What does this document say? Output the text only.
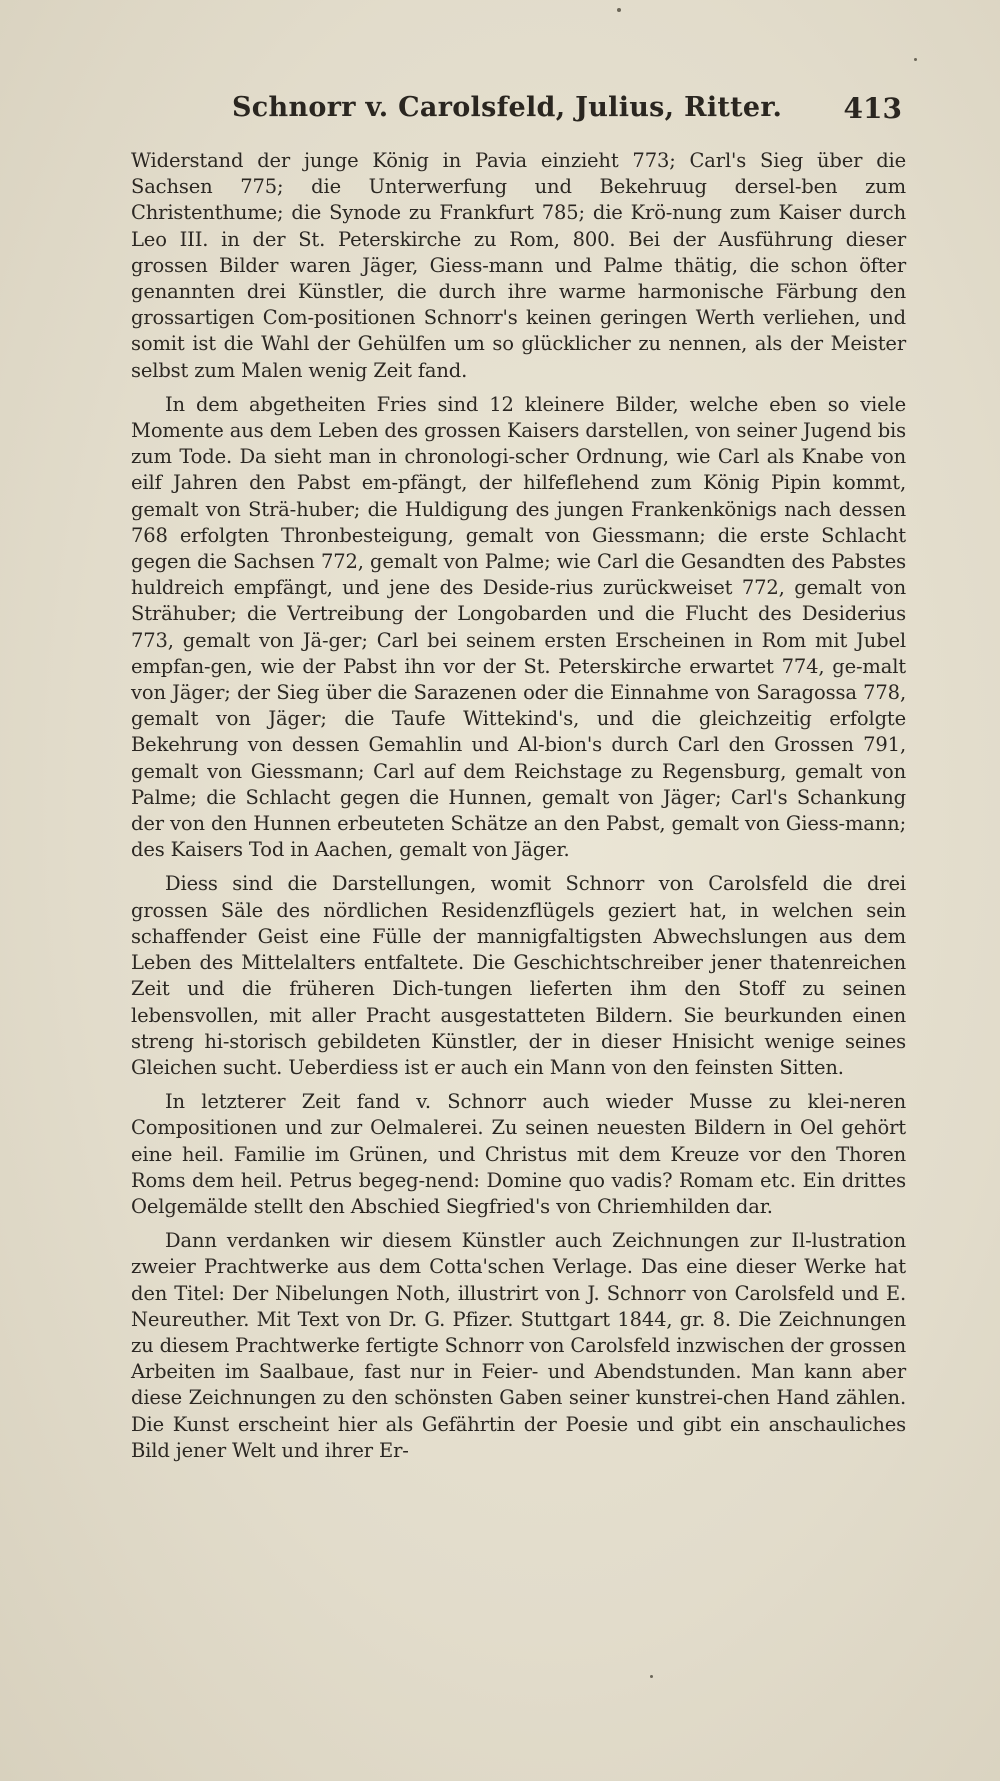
Schnorr v. Carolsfeld, Julius, Ritter. 413

Widerstand der junge König in Pavia einzieht 773; Carl's Sieg über die Sachsen 775; die Unterwerfung und Bekehruug dersel-ben zum Christenthume; die Synode zu Frankfurt 785; die Krö-nung zum Kaiser durch Leo III. in der St. Peterskirche zu Rom, 800. Bei der Ausführung dieser grossen Bilder waren Jäger, Giess-mann und Palme thätig, die schon öfter genannten drei Künstler, die durch ihre warme harmonische Färbung den grossartigen Com-positionen Schnorr's keinen geringen Werth verliehen, und somit ist die Wahl der Gehülfen um so glücklicher zu nennen, als der Meister selbst zum Malen wenig Zeit fand.

In dem abgetheiten Fries sind 12 kleinere Bilder, welche eben so viele Momente aus dem Leben des grossen Kaisers darstellen, von seiner Jugend bis zum Tode. Da sieht man in chronologi-scher Ordnung, wie Carl als Knabe von eilf Jahren den Pabst em-pfängt, der hilfeflehend zum König Pipin kommt, gemalt von Strä-huber; die Huldigung des jungen Frankenkönigs nach dessen 768 erfolgten Thronbesteigung, gemalt von Giessmann; die erste Schlacht gegen die Sachsen 772, gemalt von Palme; wie Carl die Gesandten des Pabstes huldreich empfängt, und jene des Deside-rius zurückweiset 772, gemalt von Strähuber; die Vertreibung der Longobarden und die Flucht des Desiderius 773, gemalt von Jä-ger; Carl bei seinem ersten Erscheinen in Rom mit Jubel empfan-gen, wie der Pabst ihn vor der St. Peterskirche erwartet 774, ge-malt von Jäger; der Sieg über die Sarazenen oder die Einnahme von Saragossa 778, gemalt von Jäger; die Taufe Wittekind's, und die gleichzeitig erfolgte Bekehrung von dessen Gemahlin und Al-bion's durch Carl den Grossen 791, gemalt von Giessmann; Carl auf dem Reichstage zu Regensburg, gemalt von Palme; die Schlacht gegen die Hunnen, gemalt von Jäger; Carl's Schankung der von den Hunnen erbeuteten Schätze an den Pabst, gemalt von Giess-mann; des Kaisers Tod in Aachen, gemalt von Jäger.

Diess sind die Darstellungen, womit Schnorr von Carolsfeld die drei grossen Säle des nördlichen Residenzflügels geziert hat, in welchen sein schaffender Geist eine Fülle der mannigfaltigsten Abwechslungen aus dem Leben des Mittelalters entfaltete. Die Geschichtschreiber jener thatenreichen Zeit und die früheren Dich-tungen lieferten ihm den Stoff zu seinen lebensvollen, mit aller Pracht ausgestatteten Bildern. Sie beurkunden einen streng hi-storisch gebildeten Künstler, der in dieser Hnisicht wenige seines Gleichen sucht. Ueberdiess ist er auch ein Mann von den feinsten Sitten.

In letzterer Zeit fand v. Schnorr auch wieder Musse zu klei-neren Compositionen und zur Oelmalerei. Zu seinen neuesten Bildern in Oel gehört eine heil. Familie im Grünen, und Christus mit dem Kreuze vor den Thoren Roms dem heil. Petrus begeg-nend: Domine quo vadis? Romam etc. Ein drittes Oelgemälde stellt den Abschied Siegfried's von Chriemhilden dar.

Dann verdanken wir diesem Künstler auch Zeichnungen zur Il-lustration zweier Prachtwerke aus dem Cotta'schen Verlage. Das eine dieser Werke hat den Titel: Der Nibelungen Noth, illustrirt von J. Schnorr von Carolsfeld und E. Neureuther. Mit Text von Dr. G. Pfizer. Stuttgart 1844, gr. 8. Die Zeichnungen zu diesem Prachtwerke fertigte Schnorr von Carolsfeld inzwischen der grossen Arbeiten im Saalbaue, fast nur in Feier- und Abendstunden. Man kann aber diese Zeichnungen zu den schönsten Gaben seiner kunstrei-chen Hand zählen. Die Kunst erscheint hier als Gefährtin der Poesie und gibt ein anschauliches Bild jener Welt und ihrer Er-
